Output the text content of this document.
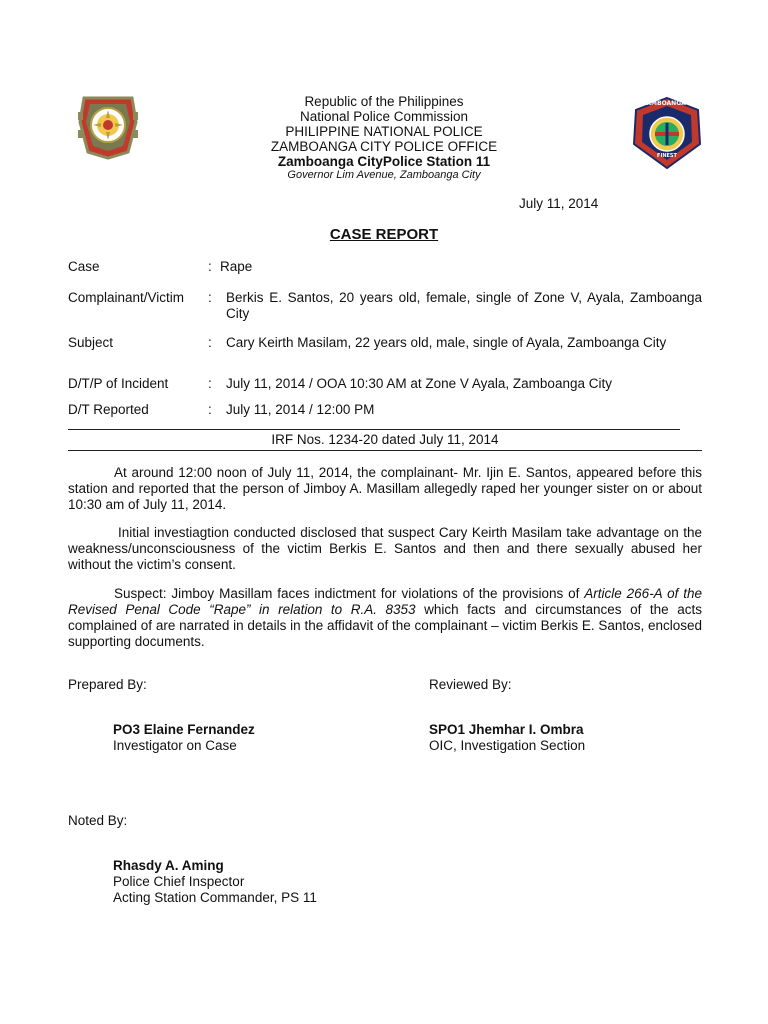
ZAMBOANGA'S
FINEST
Republic of the Philippines
National Police Commission
PHILIPPINE NATIONAL POLICE
ZAMBOANGA CITY POLICE OFFICE
Zamboanga CityPolice Station 11
Governor Lim Avenue, Zamboanga City
July 11, 2014
CASE REPORT
Case	: Rape
Complainant/Victim : Berkis E. Santos, 20 years old, female, single of Zone V, Ayala, Zamboanga City
Subject	: Cary Keirth Masilam, 22 years old, male, single of Ayala, Zamboanga City
D/T/P of Incident	: July 11, 2014 / OOA 10:30 AM at Zone V Ayala, Zamboanga City
D/T Reported	: July 11, 2014 / 12:00 PM
IRF Nos. 1234-20 dated July 11, 2014
At around 12:00 noon of July 11, 2014, the complainant- Mr. Ijin E. Santos, appeared before this station and reported that the person of Jimboy A. Masillam allegedly raped her younger sister on or about 10:30 am of July 11, 2014.
Initial investiagtion conducted disclosed that suspect Cary Keirth Masilam take advantage on the weakness/unconsciousness of the victim Berkis E. Santos and then and there sexually abused her without the victim’s consent.
Suspect: Jimboy Masillam faces indictment for violations of the provisions of Article 266-A of the Revised Penal Code “Rape” in relation to R.A. 8353 which facts and circumstances of the acts complained of are narrated in details in the affidavit of the complainant – victim Berkis E. Santos, enclosed supporting documents.
Prepared By:	Reviewed By:
PO3 Elaine Fernandez
Investigator on Case
SPO1 Jhemhar I. Ombra
OIC, Investigation Section
Noted By:
Rhasdy A. Aming
Police Chief Inspector
Acting Station Commander, PS 11
